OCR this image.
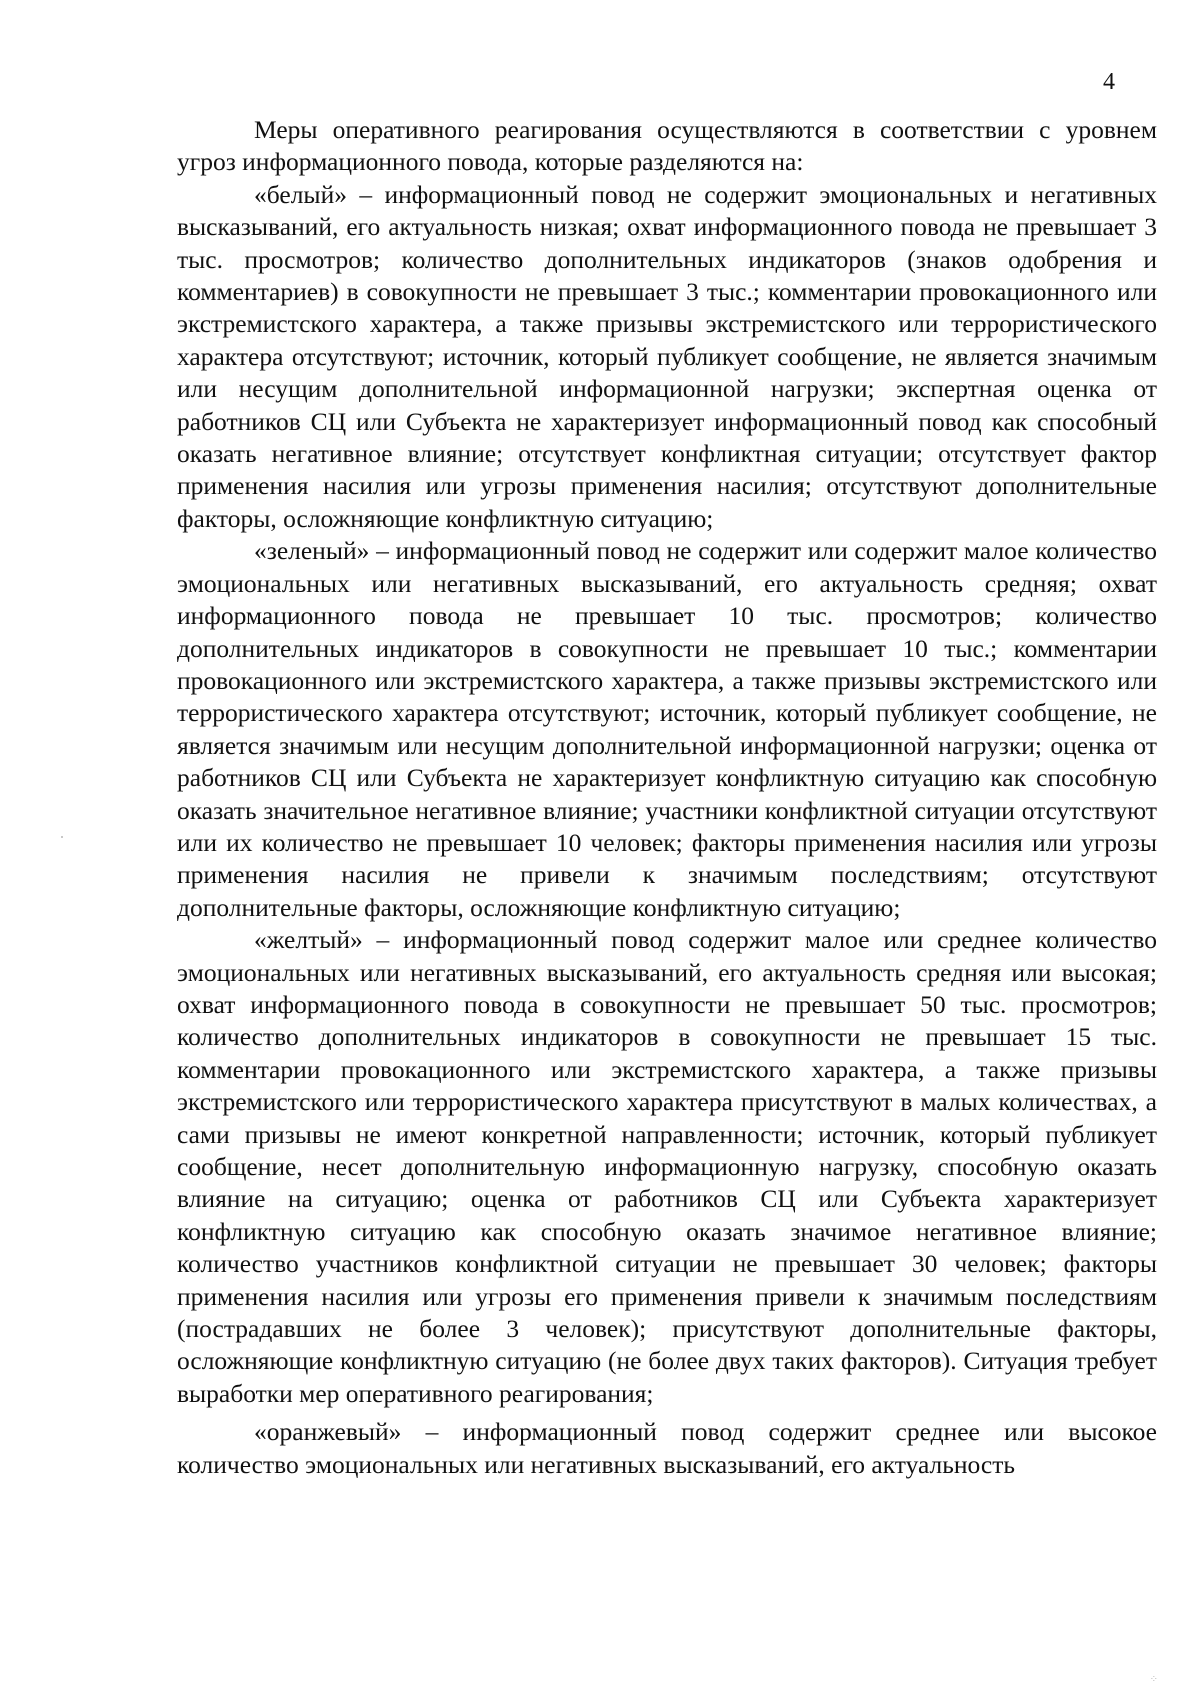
4

Меры оперативного реагирования осуществляются в соответствии с уровнем угроз информационного повода, которые разделяются на:

«белый» – информационный повод не содержит эмоциональных и негативных высказываний, его актуальность низкая; охват информационного повода не превышает 3 тыс. просмотров; количество дополнительных индикаторов (знаков одобрения и комментариев) в совокупности не превышает 3 тыс.; комментарии провокационного или экстремистского характера, а также призывы экстремистского или террористического характера отсутствуют; источник, который публикует сообщение, не является значимым или несущим дополнительной информационной нагрузки; экспертная оценка от работников СЦ или Субъекта не характеризует информационный повод как способный оказать негативное влияние; отсутствует конфликтная ситуации; отсутствует фактор применения насилия или угрозы применения насилия; отсутствуют дополнительные факторы, осложняющие конфликтную ситуацию;

«зеленый» – информационный повод не содержит или содержит малое количество эмоциональных или негативных высказываний, его актуальность средняя; охват информационного повода не превышает 10 тыс. просмотров; количество дополнительных индикаторов в совокупности не превышает 10 тыс.; комментарии провокационного или экстремистского характера, а также призывы экстремистского или террористического характера отсутствуют; источник, который публикует сообщение, не является значимым или несущим дополнительной информационной нагрузки; оценка от работников СЦ или Субъекта не характеризует конфликтную ситуацию как способную оказать значительное негативное влияние; участники конфликтной ситуации отсутствуют или их количество не превышает 10 человек; факторы применения насилия или угрозы применения насилия не привели к значимым последствиям; отсутствуют дополнительные факторы, осложняющие конфликтную ситуацию;

«желтый» – информационный повод содержит малое или среднее количество эмоциональных или негативных высказываний, его актуальность средняя или высокая; охват информационного повода в совокупности не превышает 50 тыс. просмотров; количество дополнительных индикаторов в совокупности не превышает 15 тыс. комментарии провокационного или экстремистского характера, а также призывы экстремистского или террористического характера присутствуют в малых количествах, а сами призывы не имеют конкретной направленности; источник, который публикует сообщение, несет дополнительную информационную нагрузку, способную оказать влияние на ситуацию; оценка от работников СЦ или Субъекта характеризует конфликтную ситуацию как способную оказать значимое негативное влияние; количество участников конфликтной ситуации не превышает 30 человек; факторы применения насилия или угрозы его применения привели к значимым последствиям (пострадавших не более 3 человек); присутствуют дополнительные факторы, осложняющие конфликтную ситуацию (не более двух таких факторов). Ситуация требует выработки мер оперативного реагирования;

«оранжевый» – информационный повод содержит среднее или высокое количество эмоциональных или негативных высказываний, его актуальность

⁘
